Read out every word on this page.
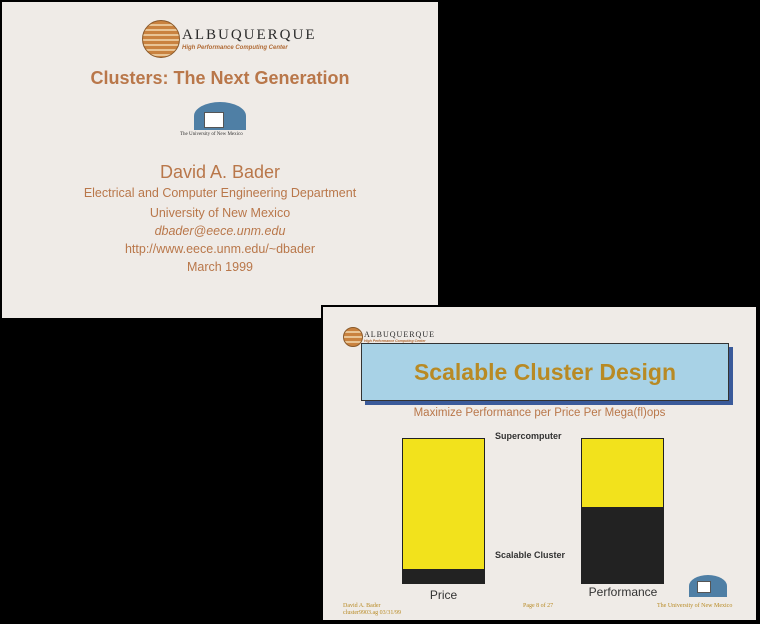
ALBUQUERQUE
High Performance Computing Center
Clusters: The Next Generation
The University of New Mexico
David A. Bader
Electrical and Computer Engineering Department
University of New Mexico
dbader@eece.unm.edu
http://www.eece.unm.edu/~dbader
March 1999
ALBUQUERQUE
High Performance Computing Center
Scalable Cluster Design
Maximize Performance per Price Per Mega(fl)ops
Supercomputer
Scalable Cluster
Price	Performance
David A. Bader
cluster9903.ag 03/31/99
Page 8 of 27	The University of New Mexico
